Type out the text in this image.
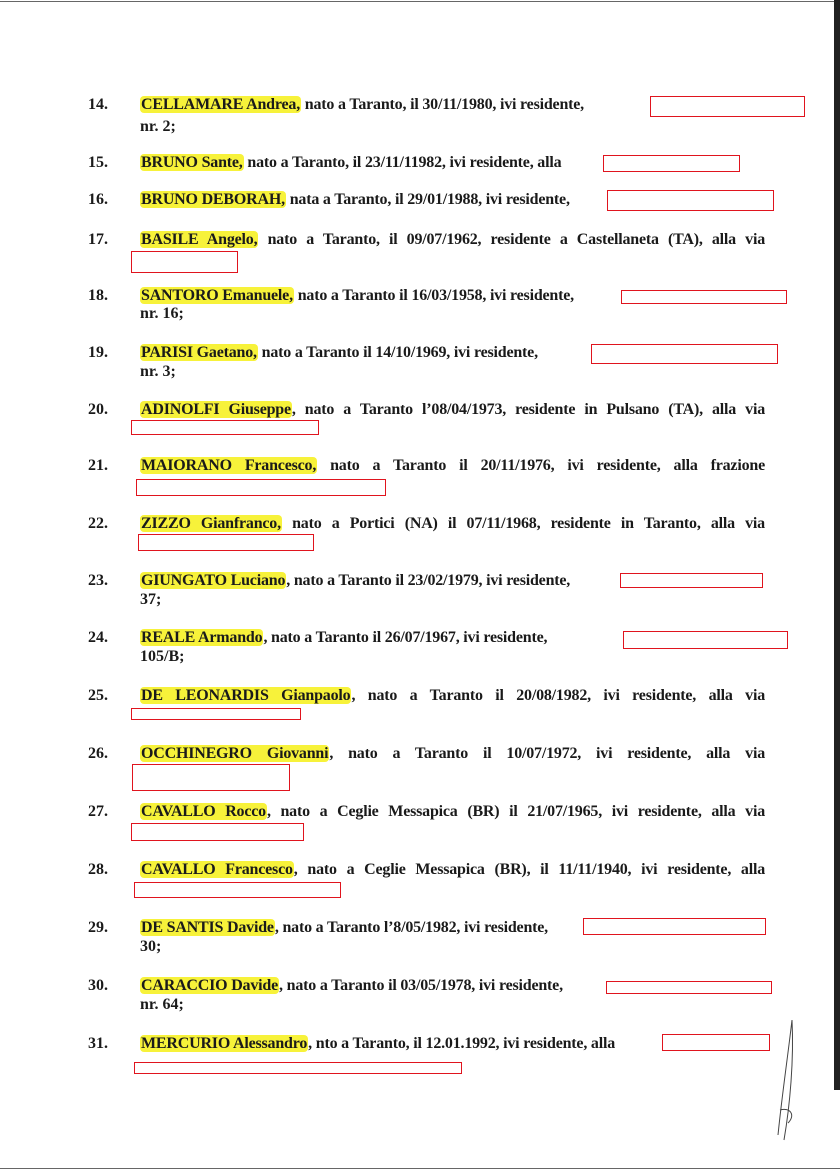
14. CELLAMARE Andrea, nato a Taranto, il 30/11/1980, ivi residente,
nr. 2;
15. BRUNO Sante, nato a Taranto, il 23/11/11982, ivi residente, alla
16. BRUNO DEBORAH, nata a Taranto, il 29/01/1988, ivi residente,
17. BASILE Angelo, nato a Taranto, il 09/07/1962, residente a Castellaneta (TA), alla via
18. SANTORO Emanuele, nato a Taranto il 16/03/1958, ivi residente,
nr. 16;
19. PARISI Gaetano, nato a Taranto il 14/10/1969, ivi residente,
nr. 3;
20. ADINOLFI Giuseppe, nato a Taranto l’08/04/1973, residente in Pulsano (TA), alla via
21. MAIORANO Francesco, nato a Taranto il 20/11/1976, ivi residente, alla frazione
22. ZIZZO Gianfranco, nato a Portici (NA) il 07/11/1968, residente in Taranto, alla via
23. GIUNGATO Luciano, nato a Taranto il 23/02/1979, ivi residente,
37;
24. REALE Armando, nato a Taranto il 26/07/1967, ivi residente,
105/B;
25. DE LEONARDIS Gianpaolo, nato a Taranto il 20/08/1982, ivi residente, alla via
26. OCCHINEGRO Giovanni, nato a Taranto il 10/07/1972, ivi residente, alla via
27. CAVALLO Rocco, nato a Ceglie Messapica (BR) il 21/07/1965, ivi residente, alla via
28. CAVALLO Francesco, nato a Ceglie Messapica (BR), il 11/11/1940, ivi residente, alla
29. DE SANTIS Davide, nato a Taranto l’8/05/1982, ivi residente,
30;
30. CARACCIO Davide, nato a Taranto il 03/05/1978, ivi residente,
nr. 64;
31. MERCURIO Alessandro, nto a Taranto, il 12.01.1992, ivi residente, alla
